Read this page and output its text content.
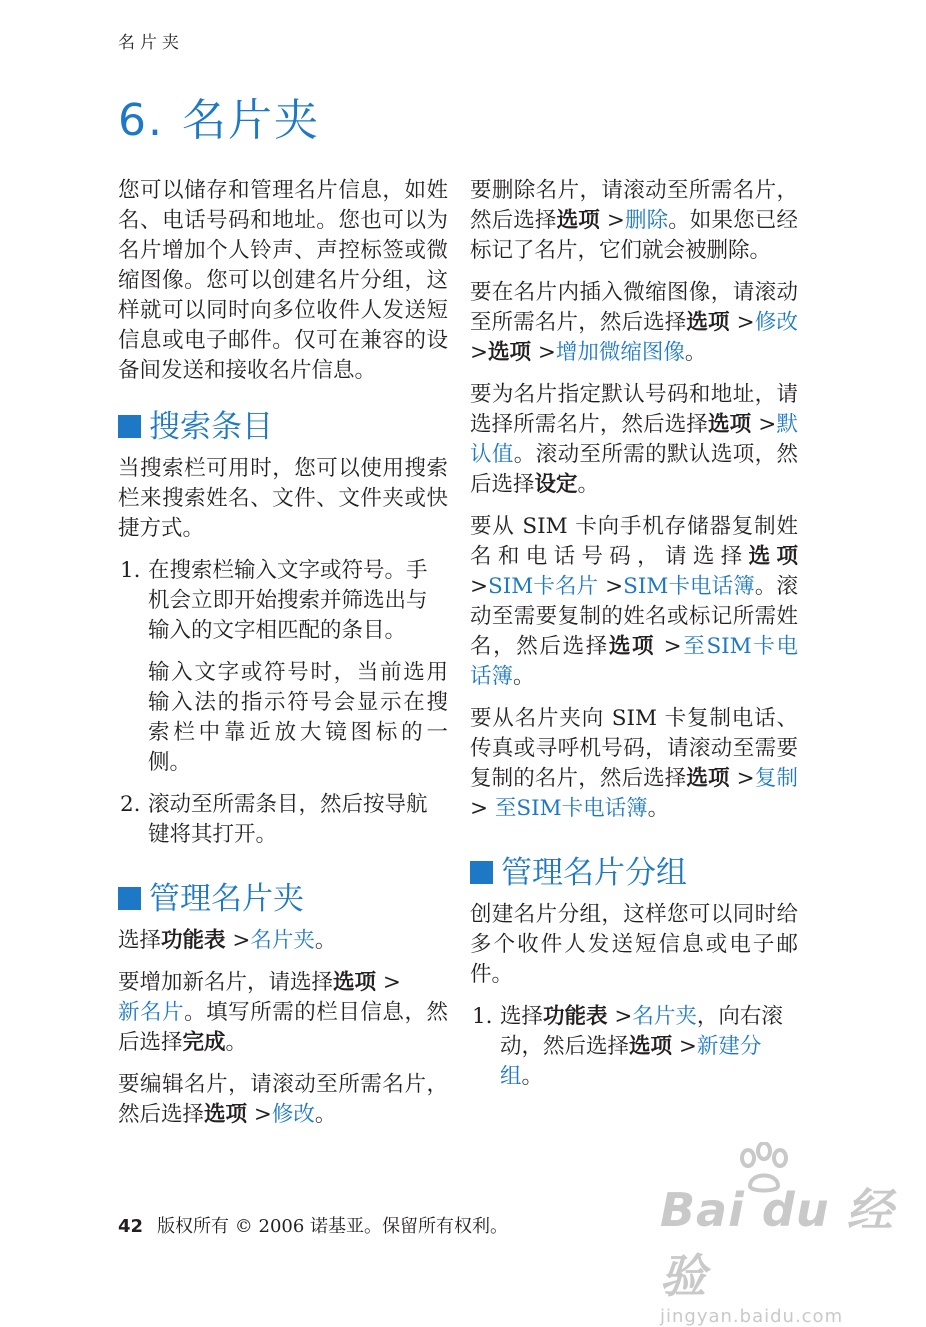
名片夹
6. 名片夹

您可以储存和管理名片信息，如姓名、电话号码和地址。您也可以为名片增加个人铃声、声控标签或微缩图像。您可以创建名片分组，这样就可以同时向多位收件人发送短信息或电子邮件。仅可在兼容的设备间发送和接收名片信息。

搜索条目

当搜索栏可用时，您可以使用搜索栏来搜索姓名、文件、文件夹或快捷方式。

1. 在搜索栏输入文字或符号。手机会立即开始搜索并筛选出与输入的文字相匹配的条目。

输入文字或符号时，当前选用输入法的指示符号会显示在搜索栏中靠近放大镜图标的一侧。

2. 滚动至所需条目，然后按导航键将其打开。
管理名片夹

选择功能表 >名片夹。

要增加新名片，请选择选项 >
新名片。填写所需的栏目信息，然后选择完成。

要编辑名片，请滚动至所需名片，然后选择选项 >修改。

要删除名片，请滚动至所需名片，然后选择选项 >删除。如果您已经标记了名片，它们就会被删除。

要在名片内插入微缩图像，请滚动至所需名片，然后选择选项 >修改 >选项 >增加微缩图像。

要为名片指定默认号码和地址，请选择所需名片，然后选择选项 >默认值。滚动至所需的默认选项，然后选择设定。

要从 SIM 卡向手机存储器复制姓名和电话号码，请选择选项 >SIM卡名片 >SIM卡电话簿。滚动至需要复制的姓名或标记所需姓名，然后选择选项 >至SIM卡电话簿。

要从名片夹向 SIM 卡复制电话、传真或寻呼机号码，请滚动至需要复制的名片，然后选择选项 >复制 > 至SIM卡电话簿。

管理名片分组

创建名片分组，这样您可以同时给多个收件人发送短信息或电子邮件。

1. 选择功能表 >名片夹，向右滚动，然后选择选项 >新建分组。
42 版权所有 © 2006 诺基亚。保留所有权利。	Bai du 经验
jingyan.baidu.com
